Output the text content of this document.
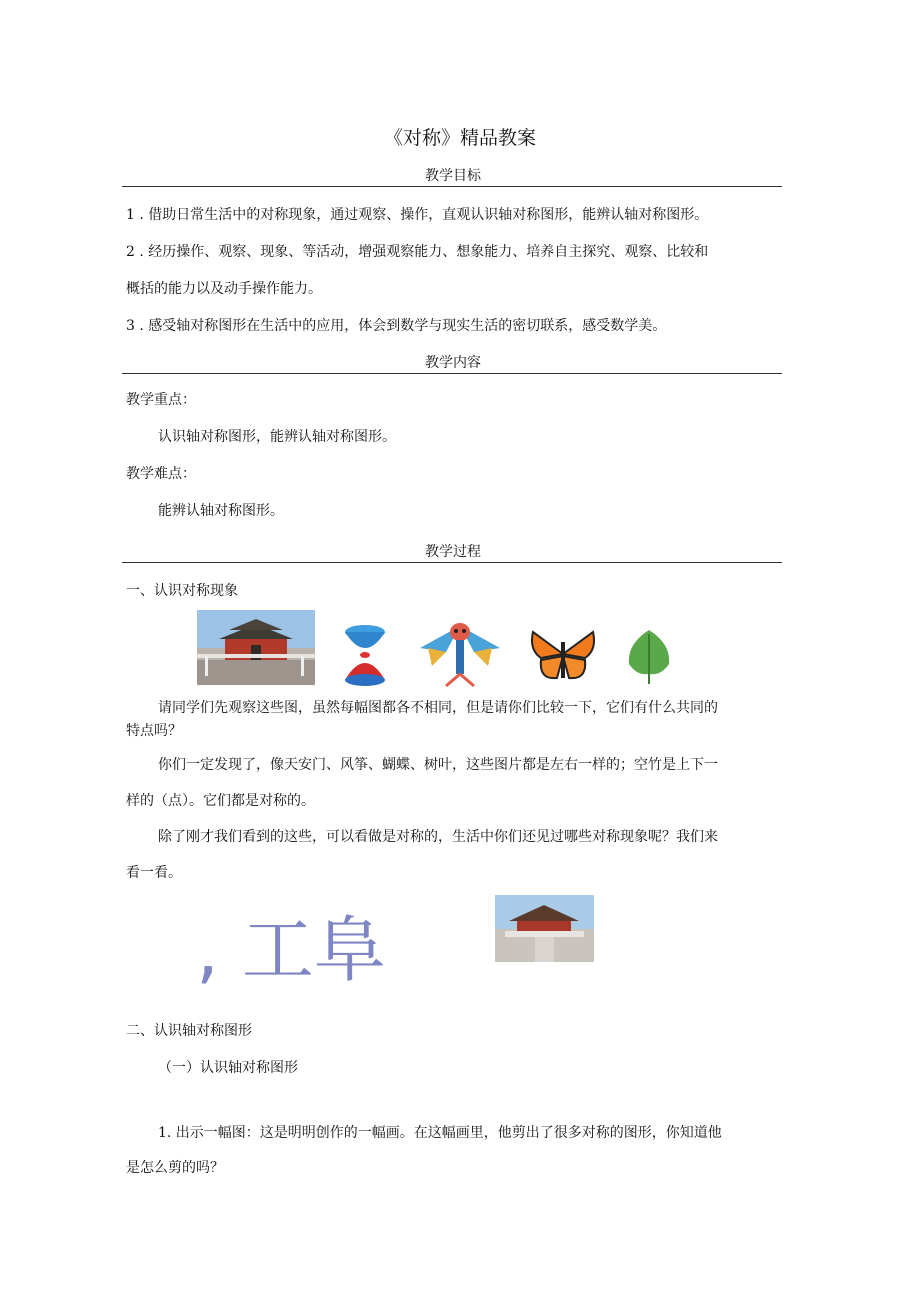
《对称》精品教案
教学目标
1 . 借助日常生活中的对称现象，通过观察、操作，直观认识轴对称图形，能辨认轴对称图形。
2 . 经历操作、观察、现象、等活动，增强观察能力、想象能力、培养自主探究、观察、比较和
概括的能力以及动手操作能力。
3 . 感受轴对称图形在生活中的应用，体会到数学与现实生活的密切联系，感受数学美。
教学内容
教学重点：
认识轴对称图形，能辨认轴对称图形。
教学难点：
能辨认轴对称图形。
教学过程
一、认识对称现象
请同学们先观察这些图，虽然每幅图都各不相同，但是请你们比较一下，它们有什么共同的
特点吗？
你们一定发现了，像天安门、风筝、蝴蝶、树叶，这些图片都是左右一样的；空竹是上下一
样的（点）。它们都是对称的。
除了刚才我们看到的这些，可以看做是对称的，生活中你们还见过哪些对称现象呢？我们来
看一看。
, 工阜
二、认识轴对称图形
（一）认识轴对称图形
1. 出示一幅图：这是明明创作的一幅画。在这幅画里，他剪出了很多对称的图形，你知道他
是怎么剪的吗？
